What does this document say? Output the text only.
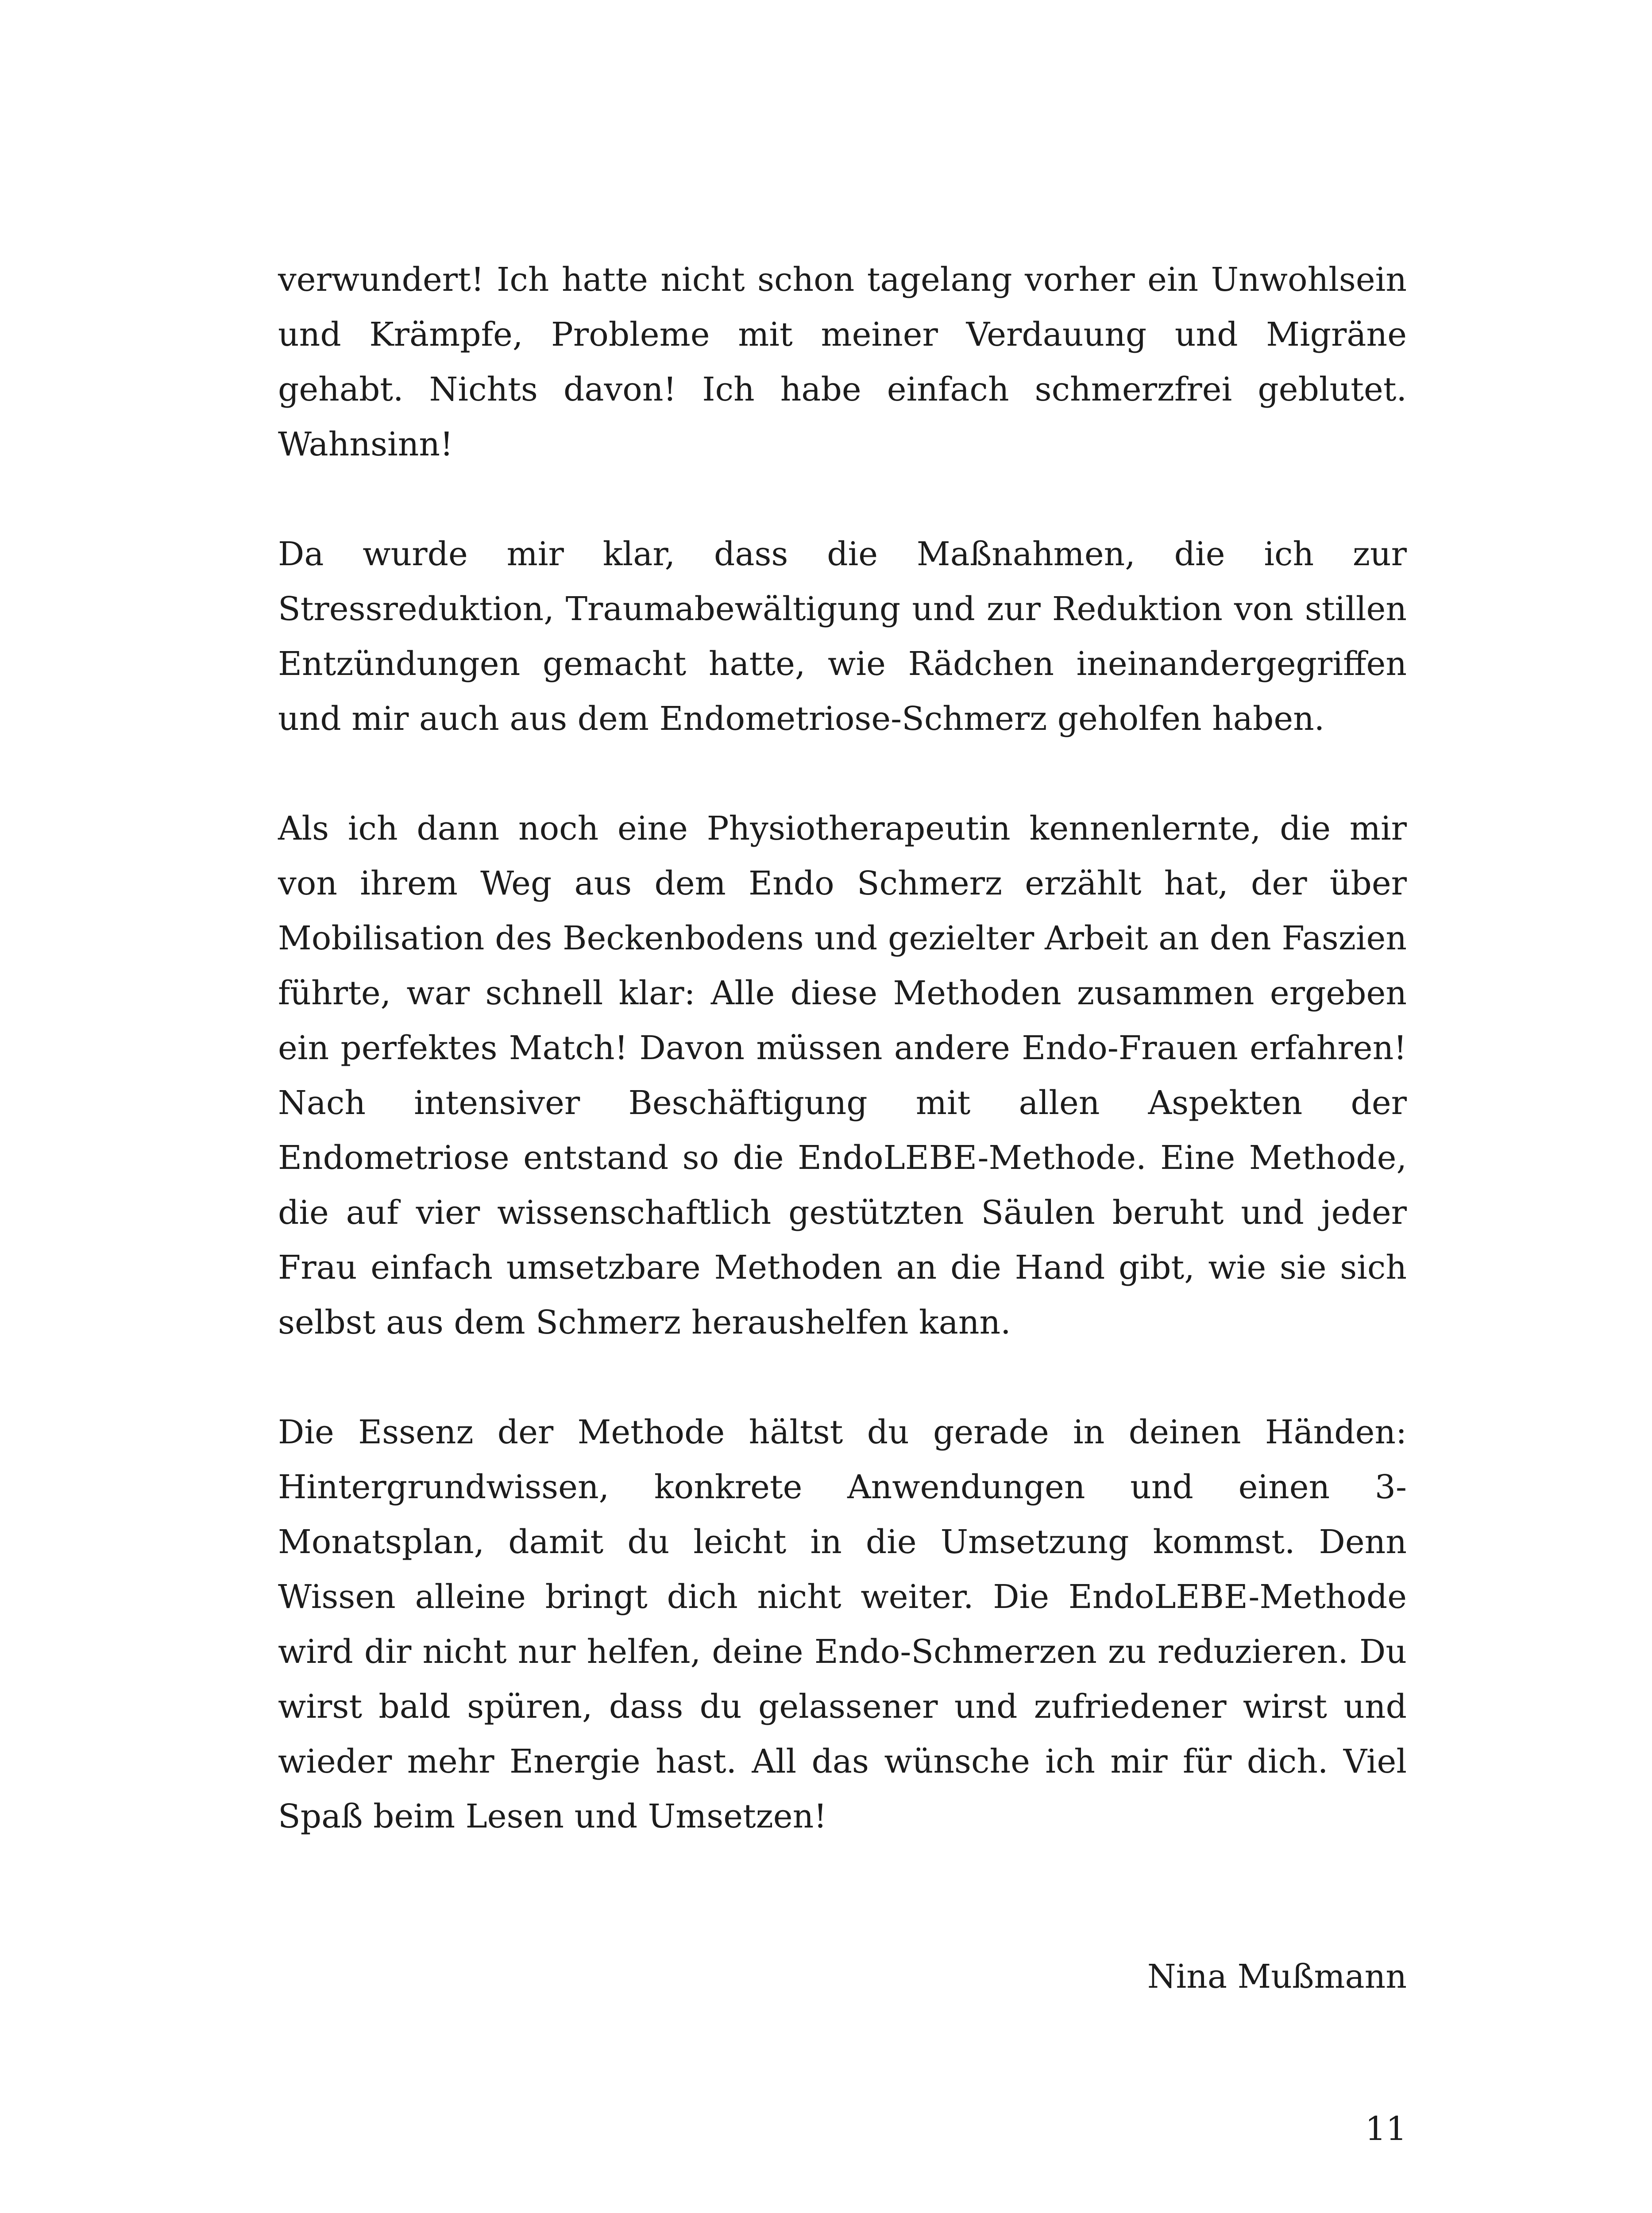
verwundert! Ich hatte nicht schon tagelang vorher ein Unwohlsein und Krämpfe, Probleme mit meiner Verdauung und Migräne gehabt. Nichts davon! Ich habe einfach schmerzfrei geblutet. Wahnsinn!

Da wurde mir klar, dass die Maßnahmen, die ich zur Stressreduktion, Traumabewältigung und zur Reduktion von stillen Entzündungen gemacht hatte, wie Rädchen ineinandergegriffen und mir auch aus dem Endometriose-Schmerz geholfen haben.

Als ich dann noch eine Physiotherapeutin kennenlernte, die mir von ihrem Weg aus dem Endo Schmerz erzählt hat, der über Mobilisation des Beckenbodens und gezielter Arbeit an den Faszien führte, war schnell klar: Alle diese Methoden zusammen ergeben ein perfektes Match! Davon müssen andere Endo-Frauen erfahren! Nach intensiver Beschäftigung mit allen Aspekten der Endometriose entstand so die EndoLEBE-Methode. Eine Methode, die auf vier wissenschaftlich gestützten Säulen beruht und jeder Frau einfach umsetzbare Methoden an die Hand gibt, wie sie sich selbst aus dem Schmerz heraushelfen kann.

Die Essenz der Methode hältst du gerade in deinen Händen: Hintergrundwissen, konkrete Anwendungen und einen 3-Monatsplan, damit du leicht in die Umsetzung kommst. Denn Wissen alleine bringt dich nicht weiter. Die EndoLEBE-Methode wird dir nicht nur helfen, deine Endo-Schmerzen zu reduzieren. Du wirst bald spüren, dass du gelassener und zufriedener wirst und wieder mehr Energie hast. All das wünsche ich mir für dich. Viel Spaß beim Lesen und Umsetzen!

Nina Mußmann

11
